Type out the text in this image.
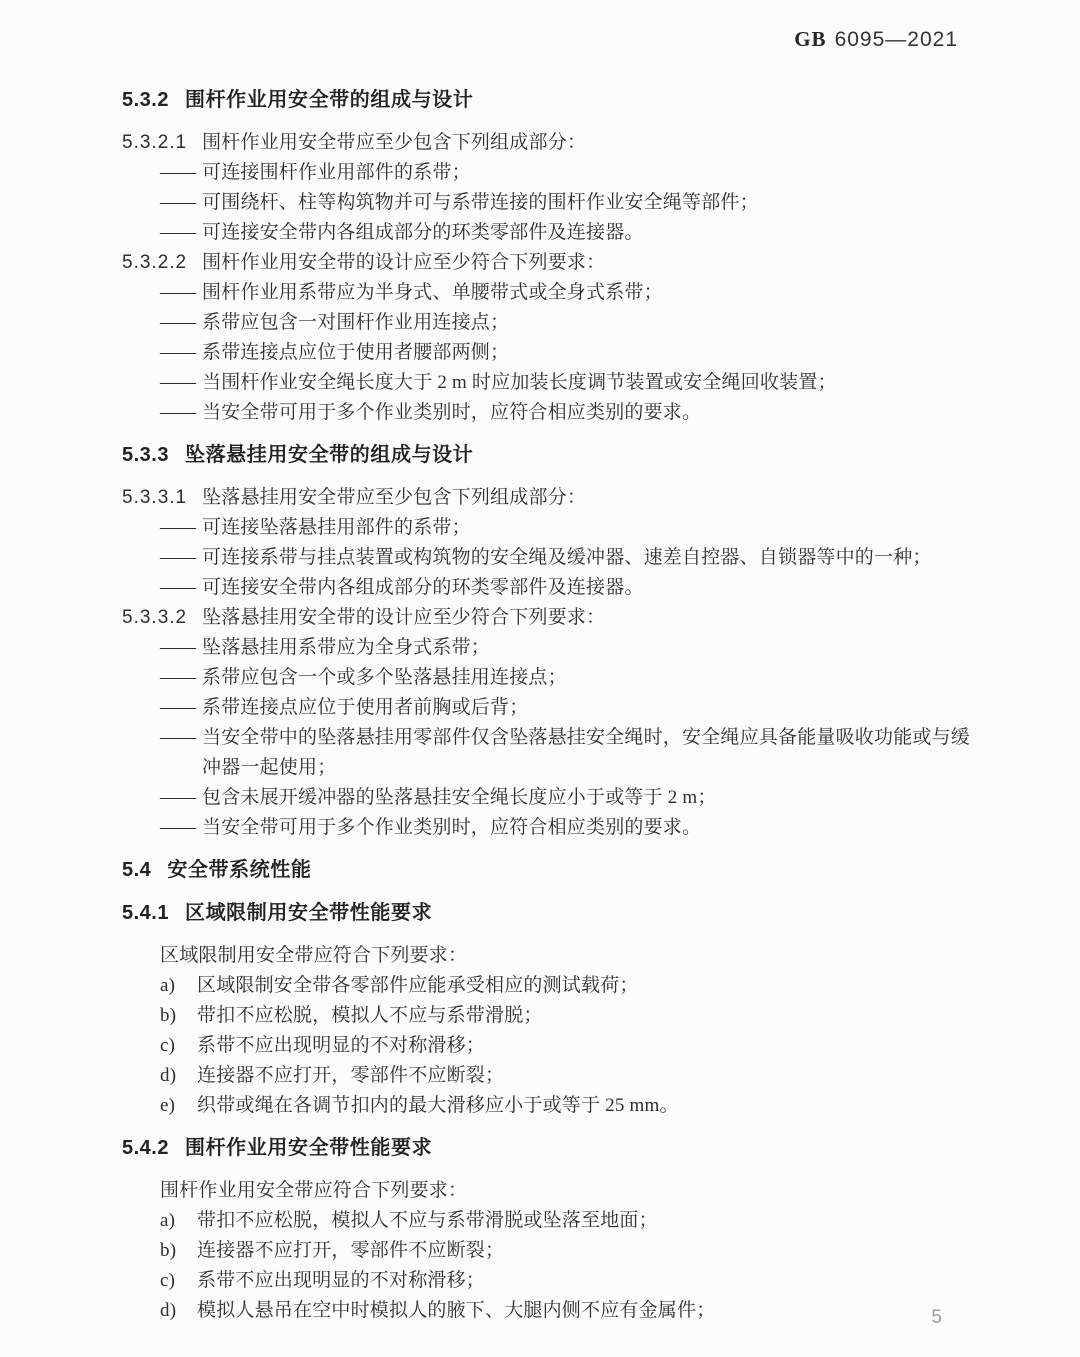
GB 6095—2021
5.3.2 围杆作业用安全带的组成与设计
5.3.2.1 围杆作业用安全带应至少包含下列组成部分：
—— 可连接围杆作业用部件的系带；
—— 可围绕杆、柱等构筑物并可与系带连接的围杆作业安全绳等部件；
—— 可连接安全带内各组成部分的环类零部件及连接器。
5.3.2.2 围杆作业用安全带的设计应至少符合下列要求：
—— 围杆作业用系带应为半身式、单腰带式或全身式系带；
—— 系带应包含一对围杆作业用连接点；
—— 系带连接点应位于使用者腰部两侧；
—— 当围杆作业安全绳长度大于 2 m 时应加装长度调节装置或安全绳回收装置；
—— 当安全带可用于多个作业类别时，应符合相应类别的要求。
5.3.3 坠落悬挂用安全带的组成与设计
5.3.3.1 坠落悬挂用安全带应至少包含下列组成部分：
—— 可连接坠落悬挂用部件的系带；
—— 可连接系带与挂点装置或构筑物的安全绳及缓冲器、速差自控器、自锁器等中的一种；
—— 可连接安全带内各组成部分的环类零部件及连接器。
5.3.3.2 坠落悬挂用安全带的设计应至少符合下列要求：
—— 坠落悬挂用系带应为全身式系带；
—— 系带应包含一个或多个坠落悬挂用连接点；
—— 系带连接点应位于使用者前胸或后背；
—— 当安全带中的坠落悬挂用零部件仅含坠落悬挂安全绳时，安全绳应具备能量吸收功能或与缓冲器一起使用；
—— 包含未展开缓冲器的坠落悬挂安全绳长度应小于或等于 2 m；
—— 当安全带可用于多个作业类别时，应符合相应类别的要求。
5.4 安全带系统性能
5.4.1 区域限制用安全带性能要求
区域限制用安全带应符合下列要求：
a) 区域限制安全带各零部件应能承受相应的测试载荷；
b) 带扣不应松脱，模拟人不应与系带滑脱；
c) 系带不应出现明显的不对称滑移；
d) 连接器不应打开，零部件不应断裂；
e) 织带或绳在各调节扣内的最大滑移应小于或等于 25 mm。
5.4.2 围杆作业用安全带性能要求
围杆作业用安全带应符合下列要求：
a) 带扣不应松脱，模拟人不应与系带滑脱或坠落至地面；
b) 连接器不应打开，零部件不应断裂；
c) 系带不应出现明显的不对称滑移；
d) 模拟人悬吊在空中时模拟人的腋下、大腿内侧不应有金属件；	5
